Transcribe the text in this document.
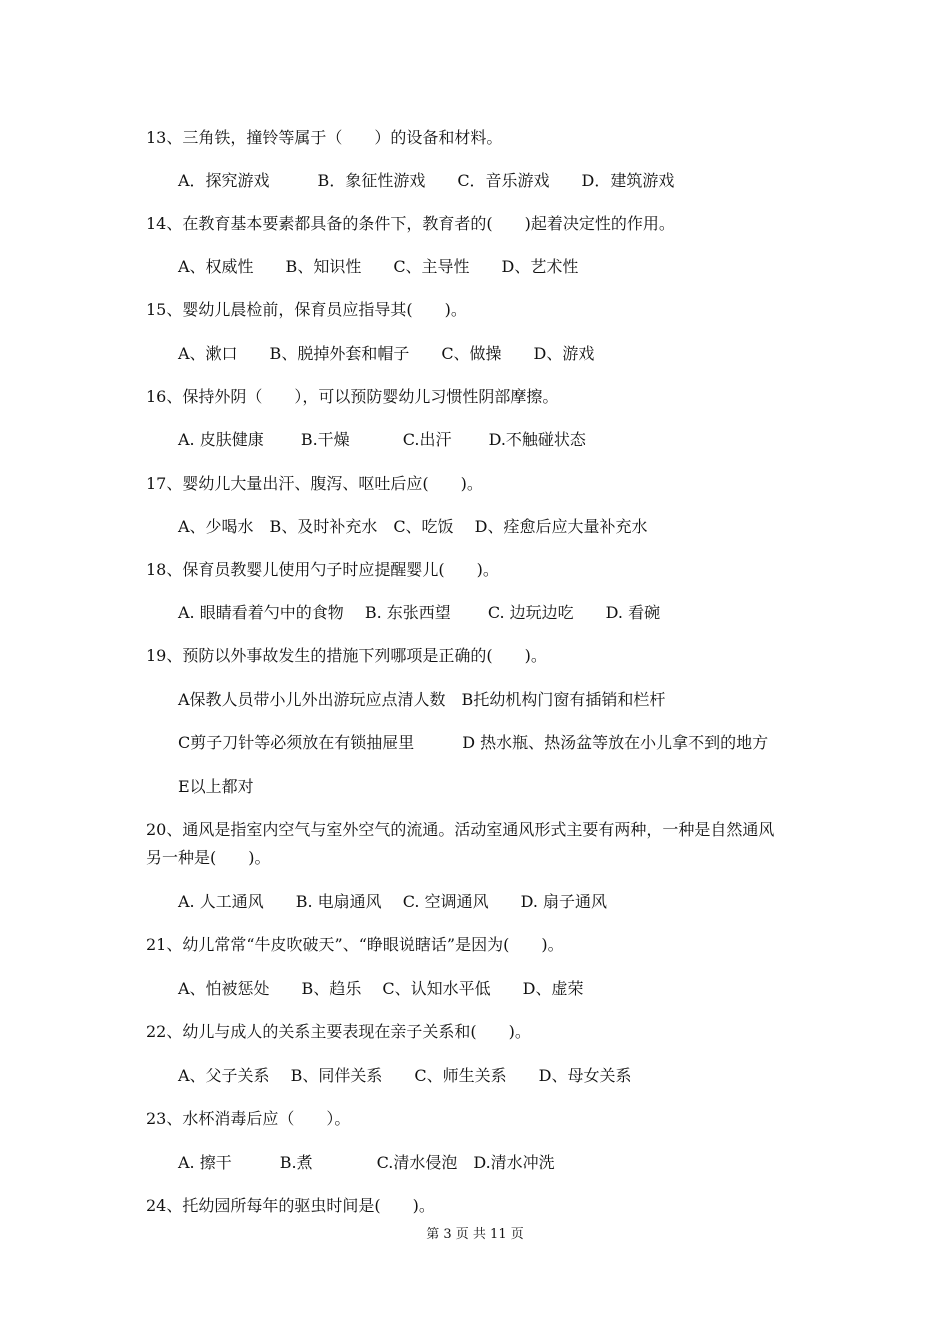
13、三角铁，撞铃等属于（　　）的设备和材料。
A．探究游戏　　　B．象征性游戏　　C．音乐游戏　　D．建筑游戏
14、在教育基本要素都具备的条件下，教育者的(　　)起着决定性的作用。
A、权威性　　B、知识性　　C、主导性　　D、艺术性
15、婴幼儿晨检前，保育员应指导其(　　)。
A、漱口　　B、脱掉外套和帽子　　C、做操　　D、游戏
16、保持外阴（　　），可以预防婴幼儿习惯性阴部摩擦。
A. 皮肤健康　　 B.干燥　　　 C.出汗　　 D.不触碰状态
17、婴幼儿大量出汗、腹泻、呕吐后应(　　)。
A、少喝水　B、及时补充水　C、吃饭　 D、痊愈后应大量补充水
18、保育员教婴儿使用勺子时应提醒婴儿(　　)。
A. 眼睛看着勺中的食物　 B. 东张西望　　 C. 边玩边吃　　D. 看碗
19、预防以外事故发生的措施下列哪项是正确的(　　)。
A保教人员带小儿外出游玩应点清人数　B托幼机构门窗有插销和栏杆
C剪子刀针等必须放在有锁抽屉里　　　D 热水瓶、热汤盆等放在小儿拿不到的地方
E以上都对
20、通风是指室内空气与室外空气的流通。活动室通风形式主要有两种，一种是自然通风
另一种是(　　)。
A. 人工通风　　B. 电扇通风　 C. 空调通风　　D. 扇子通风
21、幼儿常常“牛皮吹破天”、“睁眼说瞎话”是因为(　　)。
A、怕被惩处　　B、趋乐　 C、认知水平低　　D、虚荣
22、幼儿与成人的关系主要表现在亲子关系和(　　)。
A、父子关系　 B、同伴关系　　C、师生关系　　D、母女关系
23、水杯消毒后应（　　）。
A. 擦干　　　B.煮　　　　C.清水侵泡　D.清水冲洗
24、托幼园所每年的驱虫时间是(　　)。
第 3 页 共 11 页
